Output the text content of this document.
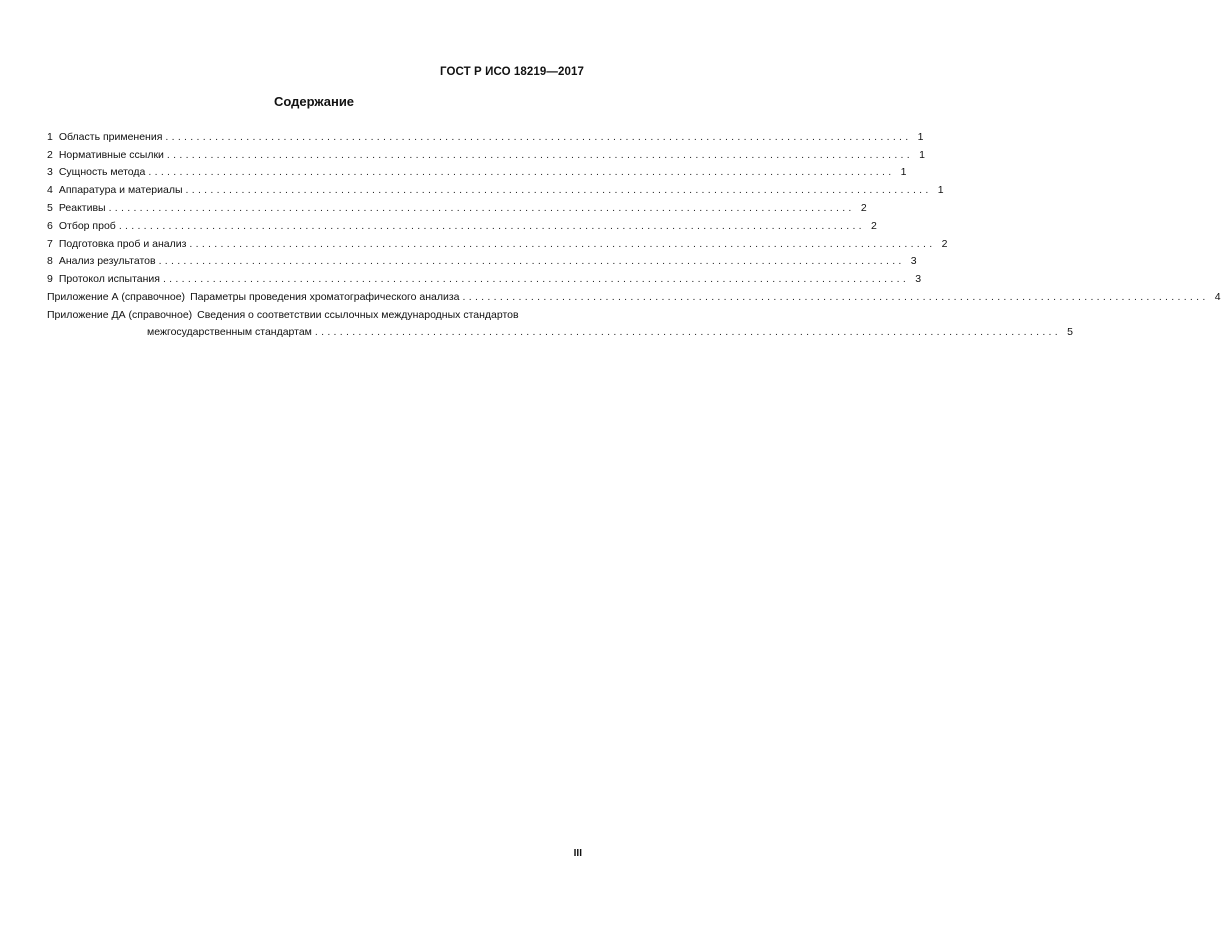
ГОСТ Р ИСО 18219—2017
Содержание
1 Область применения ........................................................................................................................ 1
2 Нормативные ссылки ........................................................................................................................ 1
3 Сущность метода ........................................................................................................................ 1
4 Аппаратура и материалы ........................................................................................................................ 1
5 Реактивы ........................................................................................................................ 2
6 Отбор проб ........................................................................................................................ 2
7 Подготовка проб и анализ ........................................................................................................................ 2
8 Анализ результатов ........................................................................................................................ 3
9 Протокол испытания ........................................................................................................................ 3
Приложение А (справочное) Параметры проведения хроматографического анализа ........................................................................................................................ 4
Приложение ДА (справочное) Сведения о соответствии ссылочных международных стандартов
межгосударственным стандартам ........................................................................................................................ 5
III
